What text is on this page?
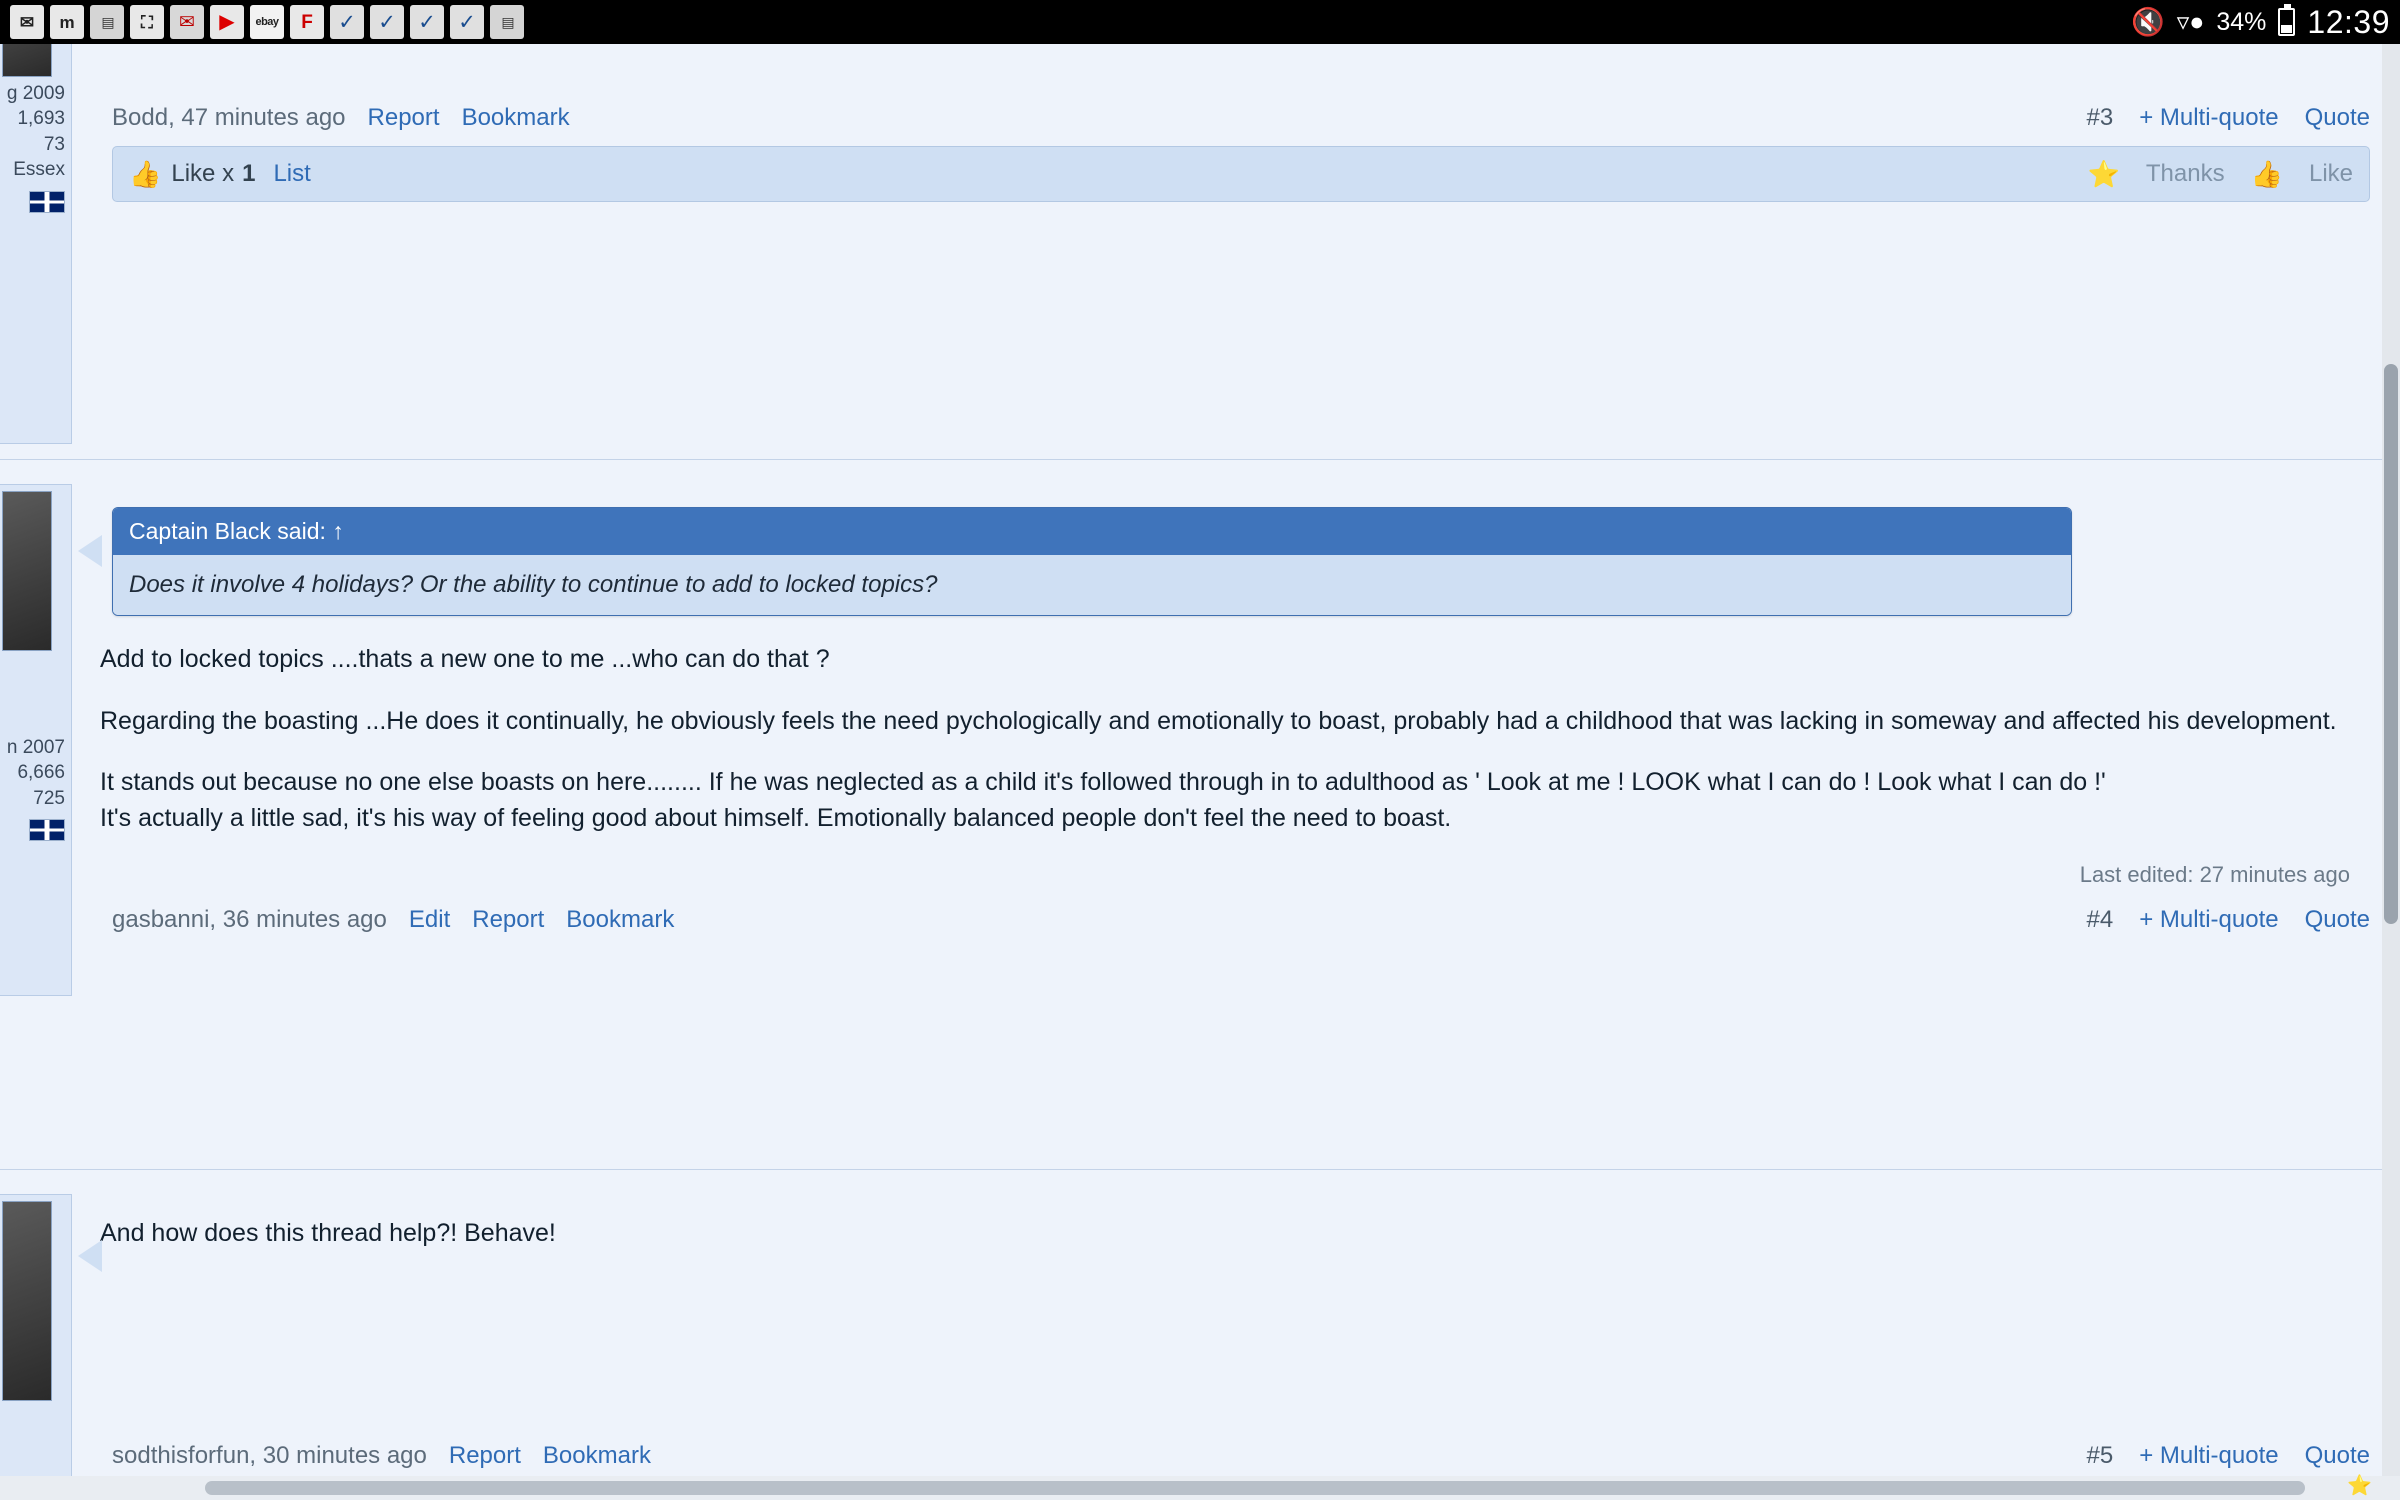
✉	m	▤	⛶	✉	▶	ebay	F	✓	✓	✓	✓	▤	🔇 ▿● 34% 12:39
g 2009
1,693
73
Essex
n 2007
6,666
725
Bodd, 47 minutes ago Report Bookmark	#3 + Multi-quote Quote
👍 Like x 1 List	⭐ Thanks 👍 Like
Captain Black said: ↑
Does it involve 4 holidays? Or the ability to continue to add to locked topics?

Add to locked topics ....thats a new one to me ...who can do that ?

Regarding the boasting ...He does it continually, he obviously feels the need pychologically and emotionally to boast, probably had a childhood that was lacking in someway and affected his development.

It stands out because no one else boasts on here........ If he was neglected as a child it's followed through in to adulthood as ' Look at me ! LOOK what I can do ! Look what I can do !'

It's actually a little sad, it's his way of feeling good about himself. Emotionally balanced people don't feel the need to boast.

Last edited: 27 minutes ago
gasbanni, 36 minutes ago Edit Report Bookmark	#4 + Multi-quote Quote

And how does this thread help?! Behave!

sodthisforfun, 30 minutes ago Report Bookmark	#5 + Multi-quote Quote
⭐
